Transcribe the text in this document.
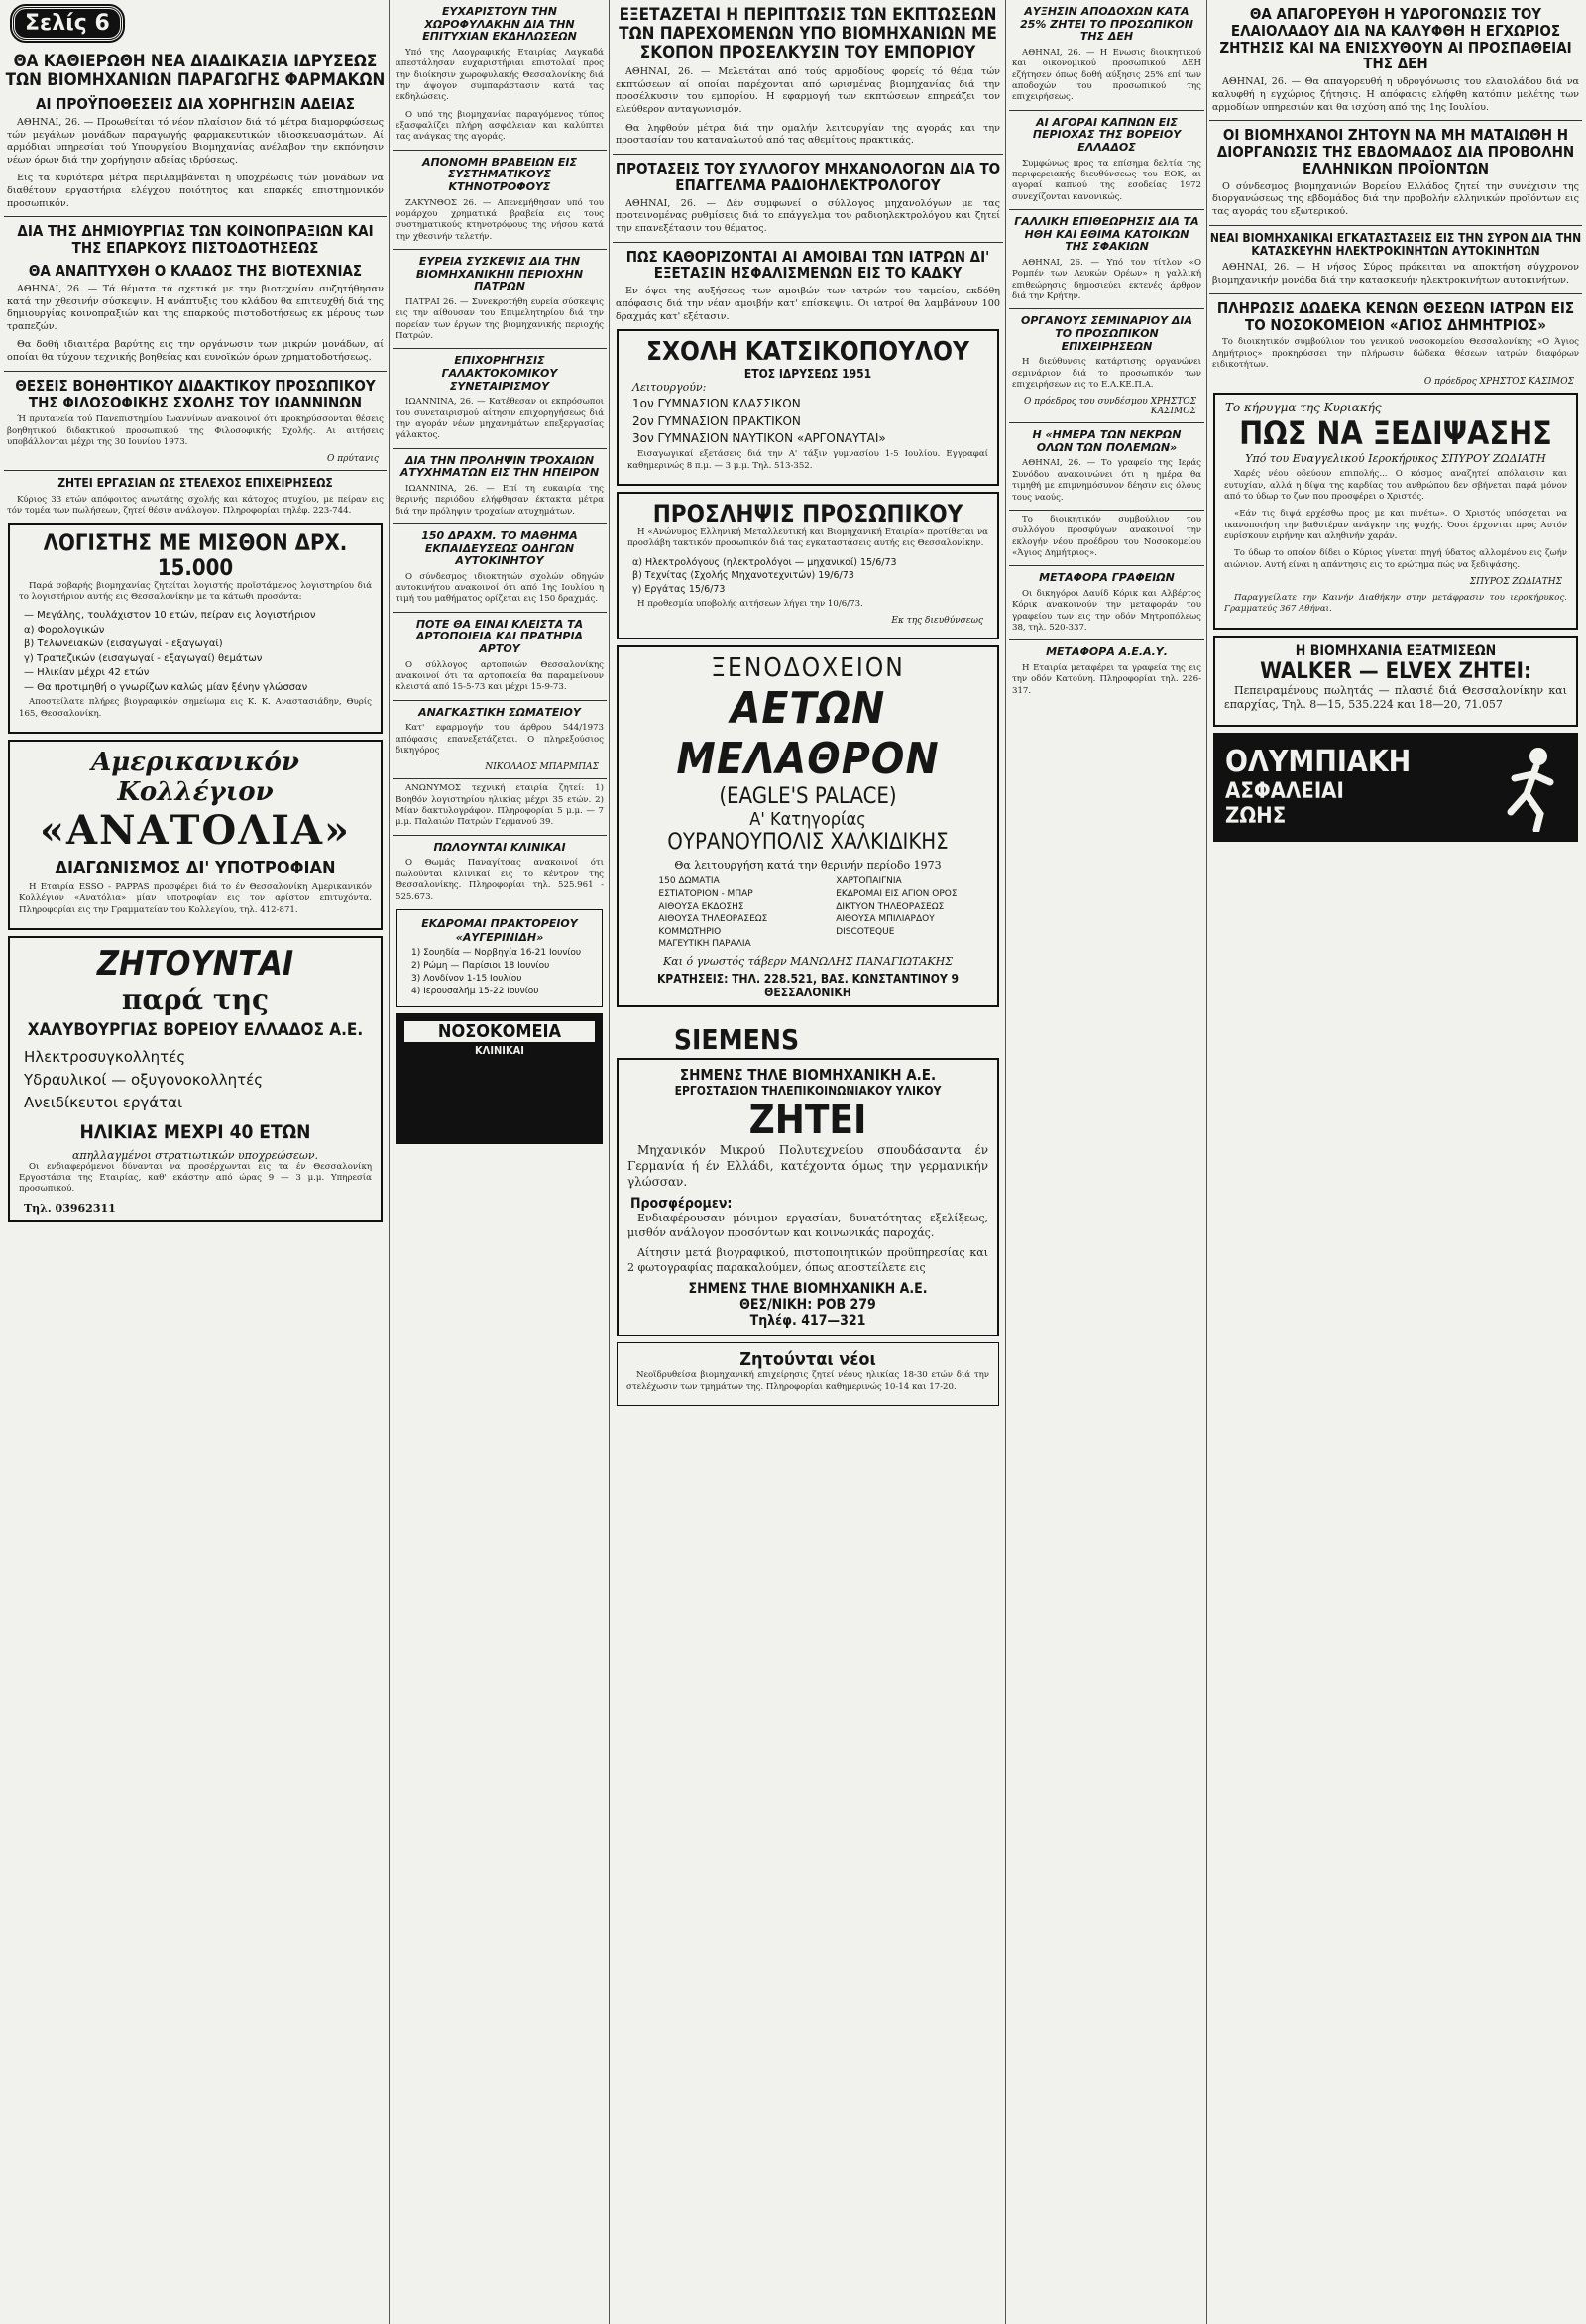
Σελίς 6
ΘΑ ΚΑΘΙΕΡΩΘΗ ΝΕΑ ΔΙΑΔΙΚΑΣΙΑ ΙΔΡΥΣΕΩΣ ΤΩΝ ΒΙΟΜΗΧΑΝΙΩΝ ΠΑΡΑΓΩΓΗΣ ΦΑΡΜΑΚΩΝ
ΑΙ ΠΡΟΫΠΟΘΕΣΕΙΣ ΔΙΑ ΧΟΡΗΓΗΣΙΝ ΑΔΕΙΑΣ

ΑΘΗΝΑΙ, 26. — Προωθείται τό νέον πλαίσιον διά τό μέτρα διαμορφώσεως τών μεγάλων μονάδων παραγωγής φαρμακευτικών ιδιοσκευασμάτων. Αί αρμόδιαι υπηρεσίαι τού Υπουργείου Βιομηχανίας ανέλαβον την εκπόνησιν νέων όρων διά την χορήγησιν αδείας ιδρύσεως.

Εις τα κυριότερα μέτρα περιλαμβάνεται η υποχρέωσις τών μονάδων να διαθέτουν εργαστήρια ελέγχου ποιότητος και επαρκές επιστημονικόν προσωπικόν.

ΔΙΑ ΤΗΣ ΔΗΜΙΟΥΡΓΙΑΣ ΤΩΝ ΚΟΙΝΟΠΡΑΞΙΩΝ ΚΑΙ ΤΗΣ ΕΠΑΡΚΟΥΣ ΠΙΣΤΟΔΟΤΗΣΕΩΣ
ΘΑ ΑΝΑΠΤΥΧΘΗ Ο ΚΛΑΔΟΣ ΤΗΣ ΒΙΟΤΕΧΝΙΑΣ

ΑΘΗΝΑΙ, 26. — Τά θέματα τά σχετικά με την βιοτεχνίαν συζητήθησαν κατά την χθεσινήν σύσκεψιν. Η ανάπτυξις του κλάδου θα επιτευχθή διά της δημιουργίας κοινοπραξιών και της επαρκούς πιστοδοτήσεως εκ μέρους των τραπεζών.

Θα δοθή ιδιαιτέρα βαρύτης εις την οργάνωσιν των μικρών μονάδων, αί οποίαι θα τύχουν τεχνικής βοηθείας και ευνοϊκών όρων χρηματοδοτήσεως.

ΘΕΣΕΙΣ ΒΟΗΘΗΤΙΚΟΥ ΔΙΔΑΚΤΙΚΟΥ ΠΡΟΣΩΠΙΚΟΥ ΤΗΣ ΦΙΛΟΣΟΦΙΚΗΣ ΣΧΟΛΗΣ ΤΟΥ ΙΩΑΝΝΙΝΩΝ

Ή πρυτανεία τού Πανεπιστημίου Ιωαννίνων ανακοινοί ότι προκηρύσσονται θέσεις βοηθητικού διδακτικού προσωπικού της Φιλοσοφικής Σχολής. Αι αιτήσεις υποβάλλονται μέχρι της 30 Ιουνίου 1973.

Ο πρύτανις
ΖΗΤΕΙ ΕΡΓΑΣΙΑΝ ΩΣ ΣΤΕΛΕΧΟΣ ΕΠΙΧΕΙΡΗΣΕΩΣ

Κύριος 33 ετών απόφοιτος ανωτάτης σχολής και κάτοχος πτυχίου, με πείραν εις τόν τομέα των πωλήσεων, ζητεί θέσιν ανάλογον. Πληροφορίαι τηλέφ. 223-744.

ΛΟΓΙΣΤΗΣ ΜΕ ΜΙΣΘΟΝ ΔΡΧ. 15.000

Παρά σοβαρής βιομηχανίας ζητείται λογιστής προϊστάμενος λογιστηρίου διά το λογιστήριον αυτής εις Θεσσαλονίκην με τα κάτωθι προσόντα:

— Μεγάλης, τουλάχιστον 10 ετών, πείραν εις λογιστήριον
α) Φορολογικών
β) Τελωνειακών (εισαγωγαί - εξαγωγαί)
γ) Τραπεζικών (εισαγωγαί - εξαγωγαί) θεμάτων
— Ηλικίαν μέχρι 42 ετών
— Θα προτιμηθή ο γνωρίζων καλώς μίαν ξένην γλώσσαν

Αποστείλατε πλήρες βιογραφικόν σημείωμα εις Κ. Κ. Αναστασιάδην, Θυρίς 165, Θεσσαλονίκη.

Αμερικανικόν Κολλέγιον
«ΑΝΑΤΟΛΙΑ»
ΔΙΑΓΩΝΙΣΜΟΣ ΔΙ' ΥΠΟΤΡΟΦΙΑΝ

Η Εταιρία ESSO - PAPPAS προσφέρει διά το έν Θεσσαλονίκη Αμερικανικόν Κολλέγιον «Ανατόλια» μίαν υποτροφίαν εις τον αρίστον επιτυχόντα. Πληροφορίαι εις την Γραμματείαν του Κολλεγίου, τηλ. 412-871.

ΖΗΤΟΥΝΤΑΙ
παρά της
ΧΑΛΥΒΟΥΡΓΙΑΣ ΒΟΡΕΙΟΥ ΕΛΛΑΔΟΣ Α.Ε.
Ηλεκτροσυγκολλητές
Υδραυλικοί — οξυγονοκολλητές
Ανειδίκευτοι εργάται
ΗΛΙΚΙΑΣ ΜΕΧΡΙ 40 ΕΤΩΝ
απηλλαγμένοι στρατιωτικών υποχρεώσεων.

Οι ενδιαφερόμενοι δύνανται να προσέρχωνται εις τα έν Θεσσαλονίκη Εργοστάσια της Εταιρίας, καθ' εκάστην από ώρας 9 — 3 μ.μ. Υπηρεσία προσωπικού.

Τηλ. 03962311
ΕΥΧΑΡΙΣΤΟΥΝ ΤΗΝ ΧΩΡΟΦΥΛΑΚΗΝ ΔΙΑ ΤΗΝ ΕΠΙΤΥΧΙΑΝ ΕΚΔΗΛΩΣΕΩΝ

Υπό της Λαογραφικής Εταιρίας Λαγκαδά απεστάλησαν ευχαριστήριαι επιστολαί προς την διοίκησιν χωροφυλακής Θεσσαλονίκης διά την άψογον συμπαράστασιν κατά τας εκδηλώσεις.

Ο υπό της βιομηχανίας παραγόμενος τύπος εξασφαλίζει πλήρη ασφάλειαν και καλύπτει τας ανάγκας της αγοράς.

ΑΠΟΝΟΜΗ ΒΡΑΒΕΙΩΝ ΕΙΣ ΣΥΣΤΗΜΑΤΙΚΟΥΣ ΚΤΗΝΟΤΡΟΦΟΥΣ

ΖΑΚΥΝΘΟΣ 26. — Απενεμήθησαν υπό του νομάρχου χρηματικά βραβεία εις τους συστηματικούς κτηνοτρόφους της νήσου κατά την χθεσινήν τελετήν.

ΕΥΡΕΙΑ ΣΥΣΚΕΨΙΣ ΔΙΑ ΤΗΝ ΒΙΟΜΗΧΑΝΙΚΗΝ ΠΕΡΙΟΧΗΝ ΠΑΤΡΩΝ

ΠΑΤΡΑΙ 26. — Συνεκροτήθη ευρεία σύσκεψις εις την αίθουσαν του Επιμελητηρίου διά την πορείαν των έργων της βιομηχανικής περιοχής Πατρών.

ΕΠΙΧΟΡΗΓΗΣΙΣ ΓΑΛΑΚΤΟΚΟΜΙΚΟΥ ΣΥΝΕΤΑΙΡΙΣΜΟΥ

ΙΩΑΝΝΙΝΑ, 26. — Κατέθεσαν οι εκπρόσωποι του συνεταιρισμού αίτησιν επιχορηγήσεως διά την αγοράν νέων μηχανημάτων επεξεργασίας γάλακτος.

ΔΙΑ ΤΗΝ ΠΡΟΛΗΨΙΝ ΤΡΟΧΑΙΩΝ ΑΤΥΧΗΜΑΤΩΝ ΕΙΣ ΤΗΝ ΗΠΕΙΡΟΝ

ΙΩΑΝΝΙΝΑ, 26. — Επί τη ευκαιρία της θερινής περιόδου ελήφθησαν έκτακτα μέτρα διά την πρόληψιν τροχαίων ατυχημάτων.

150 ΔΡΑΧΜ. ΤΟ ΜΑΘΗΜΑ ΕΚΠΑΙΔΕΥΣΕΩΣ ΟΔΗΓΩΝ ΑΥΤΟΚΙΝΗΤΟΥ

Ο σύνδεσμος ιδιοκτητών σχολών οδηγών αυτοκινήτου ανακοινοί ότι από 1ης Ιουλίου η τιμή του μαθήματος ορίζεται εις 150 δραχμάς.

ΠΟΤΕ ΘΑ ΕΙΝΑΙ ΚΛΕΙΣΤΑ ΤΑ ΑΡΤΟΠΟΙΕΙΑ ΚΑΙ ΠΡΑΤΗΡΙΑ ΑΡΤΟΥ

Ο σύλλογος αρτοποιών Θεσσαλονίκης ανακοινοί ότι τα αρτοποιεία θα παραμείνουν κλειστά από 15-5-73 και μέχρι 15-9-73.

ΑΝΑΓΚΑΣΤΙΚΗ ΣΩΜΑΤΕΙΟΥ

Κατ' εφαρμογήν του άρθρου 544/1973 απόφασις επανεξετάζεται. Ο πληρεξούσιος δικηγόρος

ΝΙΚΟΛΑΟΣ ΜΠΑΡΜΠΑΣ

ΑΝΩΝΥΜΟΣ τεχνική εταιρία ζητεί: 1) Βοηθόν λογιστηρίου ηλικίας μέχρι 35 ετών. 2) Μίαν δακτυλογράφον. Πληροφορίαι 5 μ.μ. — 7 μ.μ. Παλαιών Πατρών Γερμανού 39.

ΠΩΛΟΥΝΤΑΙ ΚΛΙΝΙΚΑΙ

Ο Θωμάς Παναγίτσας ανακοινοί ότι πωλούνται κλινικαί εις το κέντρον της Θεσσαλονίκης. Πληροφορίαι τηλ. 525.961 - 525.673.

ΕΚΔΡΟΜΑΙ ΠΡΑΚΤΟΡΕΙΟΥ
«ΑΥΓΕΡΙΝΙΔΗ»
1) Σουηδία — Νορβηγία 16-21 Ιουνίου
2) Ρώμη — Παρίσιοι 18 Ιουνίου
3) Λονδίνον 1-15 Ιουλίου
4) Ιερουσαλήμ 15-22 Ιουνίου
ΝΟΣΟΚΟΜΕΙΑ
ΚΛΙΝΙΚΑΙ
ΕΞΕΤΑΖΕΤΑΙ Η ΠΕΡΙΠΤΩΣΙΣ ΤΩΝ ΕΚΠΤΩΣΕΩΝ ΤΩΝ ΠΑΡΕΧΟΜΕΝΩΝ ΥΠΟ ΒΙΟΜΗΧΑΝΙΩΝ ΜΕ ΣΚΟΠΟΝ ΠΡΟΣΕΛΚΥΣΙΝ ΤΟΥ ΕΜΠΟΡΙΟΥ

ΑΘΗΝΑΙ, 26. — Μελετάται από τούς αρμοδίους φορείς τό θέμα τών εκπτώσεων αί οποίαι παρέχονται από ωρισμένας βιομηχανίας διά την προσέλκυσιν του εμπορίου. Η εφαρμογή των εκπτώσεων επηρεάζει τον ελεύθερον ανταγωνισμόν.

Θα ληφθούν μέτρα διά την ομαλήν λειτουργίαν της αγοράς και την προστασίαν του καταναλωτού από τας αθεμίτους πρακτικάς.

ΠΡΟΤΑΣΕΙΣ ΤΟΥ ΣΥΛΛΟΓΟΥ ΜΗΧΑΝΟΛΟΓΩΝ ΔΙΑ ΤΟ ΕΠΑΓΓΕΛΜΑ ΡΑΔΙΟΗΛΕΚΤΡΟΛΟΓΟΥ

ΑΘΗΝΑΙ, 26. — Δέν συμφωνεί ο σύλλογος μηχανολόγων με τας προτεινομένας ρυθμίσεις διά το επάγγελμα του ραδιοηλεκτρολόγου και ζητεί την επανεξέτασιν του θέματος.

ΠΩΣ ΚΑΘΟΡΙΖΟΝΤΑΙ ΑΙ ΑΜΟΙΒΑΙ ΤΩΝ ΙΑΤΡΩΝ ΔΙ' ΕΞΕΤΑΣΙΝ ΗΣΦΑΛΙΣΜΕΝΩΝ ΕΙΣ ΤΟ ΚΑΔΚΥ

Εν όψει της αυξήσεως των αμοιβών των ιατρών του ταμείου, εκδόθη απόφασις διά την νέαν αμοιβήν κατ' επίσκεψιν. Οι ιατροί θα λαμβάνουν 100 δραχμάς κατ' εξέτασιν.

ΣΧΟΛΗ ΚΑΤΣΙΚΟΠΟΥΛΟΥ
ΕΤΟΣ ΙΔΡΥΣΕΩΣ 1951
Λειτουργούν:
1ον ΓΥΜΝΑΣΙΟΝ ΚΛΑΣΣΙΚΟΝ
2ον ΓΥΜΝΑΣΙΟΝ ΠΡΑΚΤΙΚΟΝ
3ον ΓΥΜΝΑΣΙΟΝ ΝΑΥΤΙΚΟΝ «ΑΡΓΟΝΑΥΤΑΙ»

Εισαγωγικαί εξετάσεις διά την Α' τάξιν γυμνασίου 1-5 Ιουλίου. Εγγραφαί καθημερινώς 8 π.μ. — 3 μ.μ. Τηλ. 513-352.

ΠΡΟΣΛΗΨΙΣ ΠΡΟΣΩΠΙΚΟΥ

Η «Ανώνυμος Ελληνική Μεταλλευτική και Βιομηχανική Εταιρία» προτίθεται να προσλάβη τακτικόν προσωπικόν διά τας εγκαταστάσεις αυτής εις Θεσσαλονίκην.

α) Ηλεκτρολόγους (ηλεκτρολόγοι — μηχανικοί) 15/6/73
β) Τεχνίτας (Σχολής Μηχανοτεχνιτών) 19/6/73
γ) Εργάτας 15/6/73

Η προθεσμία υποβολής αιτήσεων λήγει την 10/6/73.

Εκ της διευθύνσεως
ΞΕΝΟΔΟΧΕΙΟΝ
ΑΕΤΩΝ ΜΕΛΑΘΡΟΝ
(EAGLE'S PALACE)
Α' Κατηγορίας
ΟΥΡΑΝΟΥΠΟΛΙΣ ΧΑΛΚΙΔΙΚΗΣ
Θα λειτουργήση κατά την θερινήν περίοδο 1973
150 ΔΩΜΑΤΙΑ
ΕΣΤΙΑΤΟΡΙΟΝ - ΜΠΑΡ
ΑΙΘΟΥΣΑ ΕΚΔΟΣΗΣ
ΑΙΘΟΥΣΑ ΤΗΛΕΟΡΑΣΕΩΣ
ΚΟΜΜΩΤΗΡΙΟ
ΜΑΓΕΥΤΙΚΗ ΠΑΡΑΛΙΑ
ΧΑΡΤΟΠΑΙΓΝΙΑ
ΕΚΔΡΟΜΑΙ ΕΙΣ ΑΓΙΟΝ ΟΡΟΣ
ΔΙΚΤΥΟΝ ΤΗΛΕΟΡΑΣΕΩΣ
ΑΙΘΟΥΣΑ ΜΠΙΛΙΑΡΔΟΥ
DISCOTEQUE
Και ό γνωστός τάβερν ΜΑΝΩΛΗΣ ΠΑΝΑΓΙΩΤΑΚΗΣ
ΚΡΑΤΗΣΕΙΣ: ΤΗΛ. 228.521, ΒΑΣ. ΚΩΝΣΤΑΝΤΙΝΟΥ 9
ΘΕΣΣΑΛΟΝΙΚΗ
SIEMENS
ΣΗΜΕΝΣ ΤΗΛΕ ΒΙΟΜΗΧΑΝΙΚΗ Α.Ε.
ΕΡΓΟΣΤΑΣΙΟΝ ΤΗΛΕΠΙΚΟΙΝΩΝΙΑΚΟΥ ΥΛΙΚΟΥ
ΖΗΤΕΙ

Μηχανικόν Μικρού Πολυτεχνείου σπουδάσαντα έν Γερμανία ή έν Ελλάδι, κατέχοντα όμως την γερμανικήν γλώσσαν.

Προσφέρομεν:

Ενδιαφέρουσαν μόνιμον εργασίαν, δυνατότητας εξελίξεως, μισθόν ανάλογον προσόντων και κοινωνικάς παροχάς.

Αίτησιν μετά βιογραφικού, πιστοποιητικών προϋπηρεσίας και 2 φωτογραφίας παρακαλούμεν, όπως αποστείλετε εις

ΣΗΜΕΝΣ ΤΗΛΕ ΒΙΟΜΗΧΑΝΙΚΗ Α.Ε.
ΘΕΣ/ΝΙΚΗ: ΡΟΒ 279
Τηλέφ. 417—321
Ζητούνται νέοι

Νεοϊδρυθείσα βιομηχανική επιχείρησις ζητεί νέους ηλικίας 18-30 ετών διά την στελέχωσιν των τμημάτων της. Πληροφορίαι καθημερινώς 10-14 και 17-20.

ΑΥΞΗΣΙΝ ΑΠΟΔΟΧΩΝ ΚΑΤΑ 25% ΖΗΤΕΙ ΤΟ ΠΡΟΣΩΠΙΚΟΝ ΤΗΣ ΔΕΗ

ΑΘΗΝΑΙ, 26. — Η Ενωσις διοικητικού και οικονομικού προσωπικού ΔΕΗ εζήτησεν όπως δοθή αύξησις 25% επί των αποδοχών του προσωπικού της επιχειρήσεως.

ΑΙ ΑΓΟΡΑΙ ΚΑΠΝΩΝ ΕΙΣ ΠΕΡΙΟΧΑΣ ΤΗΣ ΒΟΡΕΙΟΥ ΕΛΛΑΔΟΣ

Συμφώνως προς τα επίσημα δελτία της περιφερειακής διευθύνσεως του ΕΟΚ, αι αγοραί καπνού της εσοδείας 1972 συνεχίζονται κανονικώς.

ΓΑΛΛΙΚΗ ΕΠΙΘΕΩΡΗΣΙΣ ΔΙΑ ΤΑ ΗΘΗ ΚΑΙ ΕΘΙΜΑ ΚΑΤΟΙΚΩΝ ΤΗΣ ΣΦΑΚΙΩΝ

ΑΘΗΝΑΙ, 26. — Υπό τον τίτλον «Ο Ρομπέν των Λευκών Ορέων» η γαλλική επιθεώρησις δημοσιεύει εκτενές άρθρον διά την Κρήτην.

ΟΡΓΑΝΟΥΣ ΣΕΜΙΝΑΡΙΟΥ ΔΙΑ ΤΟ ΠΡΟΣΩΠΙΚΟΝ ΕΠΙΧΕΙΡΗΣΕΩΝ

Η διεύθυνσις κατάρτισης οργανώνει σεμινάριον διά το προσωπικόν των επιχειρήσεων εις το Ε.Λ.ΚΕ.Π.Α.

Ο πρόεδρος του συνδέσμου ΧΡΗΣΤΟΣ ΚΑΣΙΜΟΣ
Η «ΗΜΕΡΑ ΤΩΝ ΝΕΚΡΩΝ ΟΛΩΝ ΤΩΝ ΠΟΛΕΜΩΝ»

ΑΘΗΝΑΙ, 26. — Το γραφείο της Ιεράς Συνόδου ανακοινώνει ότι η ημέρα θα τιμηθή με επιμνημόσυνον δέησιν εις όλους τους ναούς.

Το διοικητικόν συμβούλιον του συλλόγου προσφύγων ανακοινοί την εκλογήν νέου προέδρου του Νοσοκομείου «Άγιος Δημήτριος».

ΜΕΤΑΦΟΡΑ ΓΡΑΦΕΙΩΝ

Οι δικηγόροι Δαυίδ Κόρικ και Αλβέρτος Κόρικ ανακοινούν την μεταφοράν του γραφείου των εις την οδόν Μητροπόλεως 38, τηλ. 520-337.

ΜΕΤΑΦΟΡΑ Α.Ε.Α.Υ.

Η Εταιρία μεταφέρει τα γραφεία της εις την οδόν Κατούνη. Πληροφορίαι τηλ. 226-317.

ΘΑ ΑΠΑΓΟΡΕΥΘΗ Η ΥΔΡΟΓΟΝΩΣΙΣ ΤΟΥ ΕΛΑΙΟΛΑΔΟΥ ΔΙΑ ΝΑ ΚΑΛΥΦΘΗ Η ΕΓΧΩΡΙΟΣ ΖΗΤΗΣΙΣ ΚΑΙ ΝΑ ΕΝΙΣΧΥΘΟΥΝ ΑΙ ΠΡΟΣΠΑΘΕΙΑΙ ΤΗΣ ΔΕΗ

ΑΘΗΝΑΙ, 26. — Θα απαγορευθή η υδρογόνωσις του ελαιολάδου διά να καλυφθή η εγχώριος ζήτησις. Η απόφασις ελήφθη κατόπιν μελέτης των αρμοδίων υπηρεσιών και θα ισχύση από της 1ης Ιουλίου.

ΟΙ ΒΙΟΜΗΧΑΝΟΙ ΖΗΤΟΥΝ ΝΑ ΜΗ ΜΑΤΑΙΩΘΗ Η ΔΙΟΡΓΑΝΩΣΙΣ ΤΗΣ ΕΒΔΟΜΑΔΟΣ ΔΙΑ ΠΡΟΒΟΛΗΝ ΕΛΛΗΝΙΚΩΝ ΠΡΟΪΟΝΤΩΝ

Ο σύνδεσμος βιομηχανιών Βορείου Ελλάδος ζητεί την συνέχισιν της διοργανώσεως της εβδομάδος διά την προβολήν ελληνικών προϊόντων εις τας αγοράς του εξωτερικού.

ΝΕΑΙ ΒΙΟΜΗΧΑΝΙΚΑΙ ΕΓΚΑΤΑΣΤΑΣΕΙΣ ΕΙΣ ΤΗΝ ΣΥΡΟΝ ΔΙΑ ΤΗΝ ΚΑΤΑΣΚΕΥΗΝ ΗΛΕΚΤΡΟΚΙΝΗΤΩΝ ΑΥΤΟΚΙΝΗΤΩΝ

ΑΘΗΝΑΙ, 26. — Η νήσος Σύρος πρόκειται να αποκτήση σύγχρονον βιομηχανικήν μονάδα διά την κατασκευήν ηλεκτροκινήτων αυτοκινήτων.

ΠΛΗΡΩΣΙΣ ΔΩΔΕΚΑ ΚΕΝΩΝ ΘΕΣΕΩΝ ΙΑΤΡΩΝ ΕΙΣ ΤΟ ΝΟΣΟΚΟΜΕΙΟΝ «ΑΓΙΟΣ ΔΗΜΗΤΡΙΟΣ»

Το διοικητικόν συμβούλιον του γενικού νοσοκομείου Θεσσαλονίκης «Ο Άγιος Δημήτριος» προκηρύσσει την πλήρωσιν δώδεκα θέσεων ιατρών διαφόρων ειδικοτήτων.

Ο πρόεδρος ΧΡΗΣΤΟΣ ΚΑΣΙΜΟΣ
Το κήρυγμα της Κυριακής
ΠΩΣ ΝΑ ΞΕΔΙΨΑΣΗΣ
Υπό του Ευαγγελικού Ιεροκήρυκος ΣΠΥΡΟΥ ΖΩΔΙΑΤΗ

Χαρές νέου οδεύουν επιπολής... Ο κόσμος αναζητεί απόλαυσιν και ευτυχίαν, αλλά η δίψα της καρδίας του ανθρώπου δεν σβήνεται παρά μόνον από το ύδωρ το ζων που προσφέρει ο Χριστός.

«Εάν τις διψά ερχέσθω προς με και πινέτω». Ο Χριστός υπόσχεται να ικανοποιήση την βαθυτέραν ανάγκην της ψυχής. Όσοι έρχονται προς Αυτόν ευρίσκουν ειρήνην και αληθινήν χαράν.

Το ύδωρ το οποίον δίδει ο Κύριος γίνεται πηγή ύδατος αλλομένου εις ζωήν αιώνιον. Αυτή είναι η απάντησις εις το ερώτημα πώς να ξεδιψάσης.

ΣΠΥΡΟΣ ΖΩΔΙΑΤΗΣ

Παραγγείλατε την Καινήν Διαθήκην στην μετάφρασιν του ιεροκήρυκος. Γραμματεύς 367 Αθήναι.

Η ΒΙΟΜΗΧΑΝΙΑ ΕΞΑΤΜΙΣΕΩΝ
WALKER — ELVEX ΖΗΤΕΙ:

Πεπειραμένους πωλητάς — πλασιέ διά Θεσσαλονίκην και επαρχίας, Τηλ. 8—15, 535.224 και 18—20, 71.057

ΟΛΥΜΠΙΑΚΗ
ΑΣΦΑΛΕΙΑΙ
ΖΩΗΣ
